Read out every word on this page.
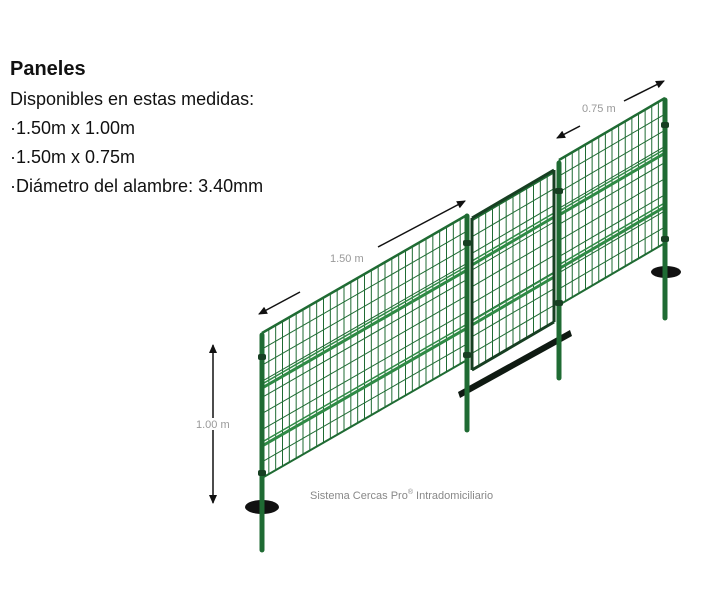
Paneles
Disponibles en estas medidas:
·1.50m x 1.00m
·1.50m x 0.75m
·Diámetro del alambre: 3.40mm
1.50 m
0.75 m
1.00 m
Sistema Cercas Pro® Intradomiciliario
